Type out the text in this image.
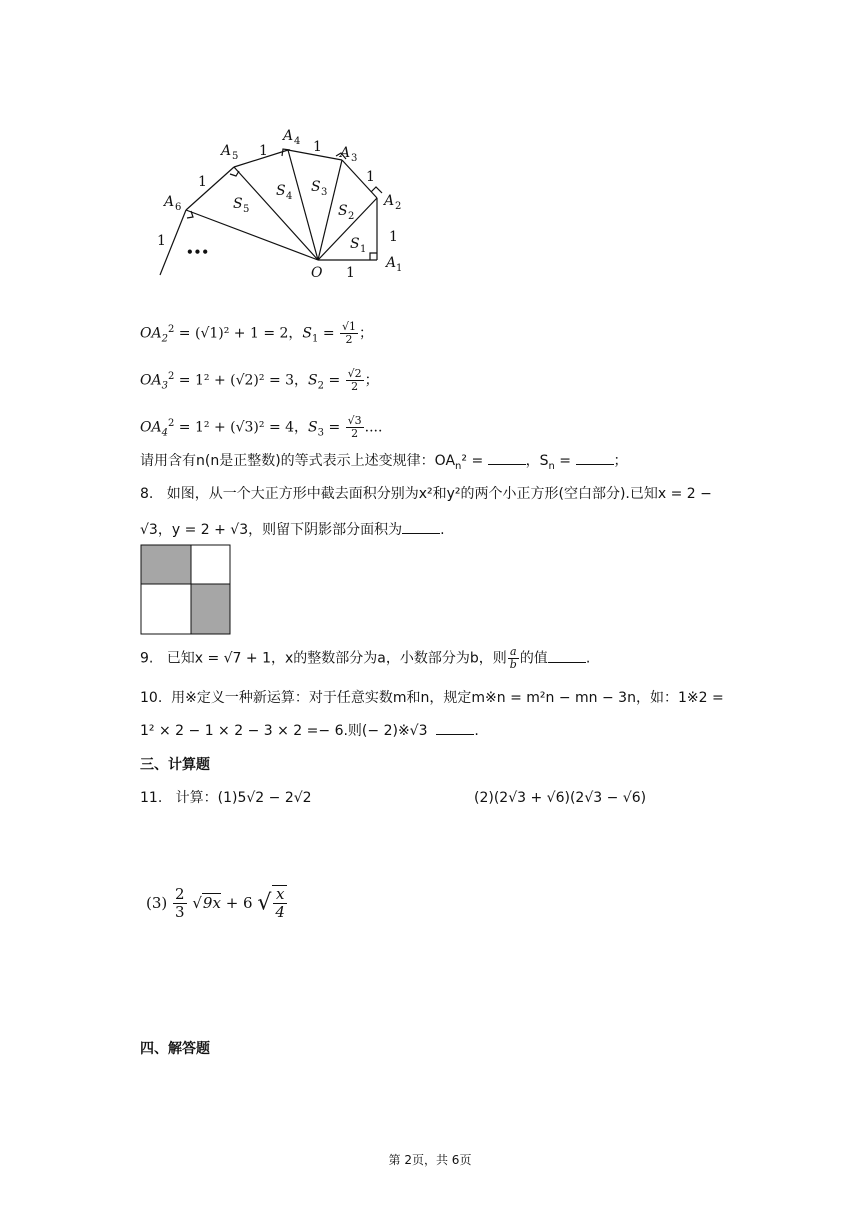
A 1
A 2
A 3
A 4
A 5
A 6
O
S 1
S 2
S 3
S 4
S 5
1
1
1
1
1
1
1
•••
$OA_2^2 = (√1)^2 + 1 = 2$，$S_1 = \frac{√1}{2}$ ；
$OA_3^2 = 1^2 + (√2)^2 = 3$，$S_2 = \frac{√2}{2}$ ；
$OA_4^2 = 1^2 + (√3)^2 = 4$，$S_3 = \frac{√3}{2}$ ....
请用含有n(n是正整数)的等式表示上述变规律：$OA_n^2$ =	，$S_n$ =	；
8. 如图，从一个大正方形中截去面积分别为x²和y²的两个小正方形(空白部分).已知x = 2 −
√3，y = 2 + √3，则留下阴影部分面积为	.
9. 已知x = √7 + 1，x的整数部分为a，小数部分为b，则 $\frac{a}{b}$ 的值	.
10. 用※定义一种新运算：对于任意实数m和n，规定m※n = m²n − mn − 3n，如：1※2 =
1² × 2 − 1 × 2 − 3 × 2 =− 6.则(− 2)※√3	.
三、计算题
11. 计算：(1)5√2 − 2√2	(2)(2√3 + √6)(2√3 − √6)
$(3) \frac{2}{3} √9x + 6$ √ $\frac{x}{4}$
四、解答题
第 2页，共 6页
